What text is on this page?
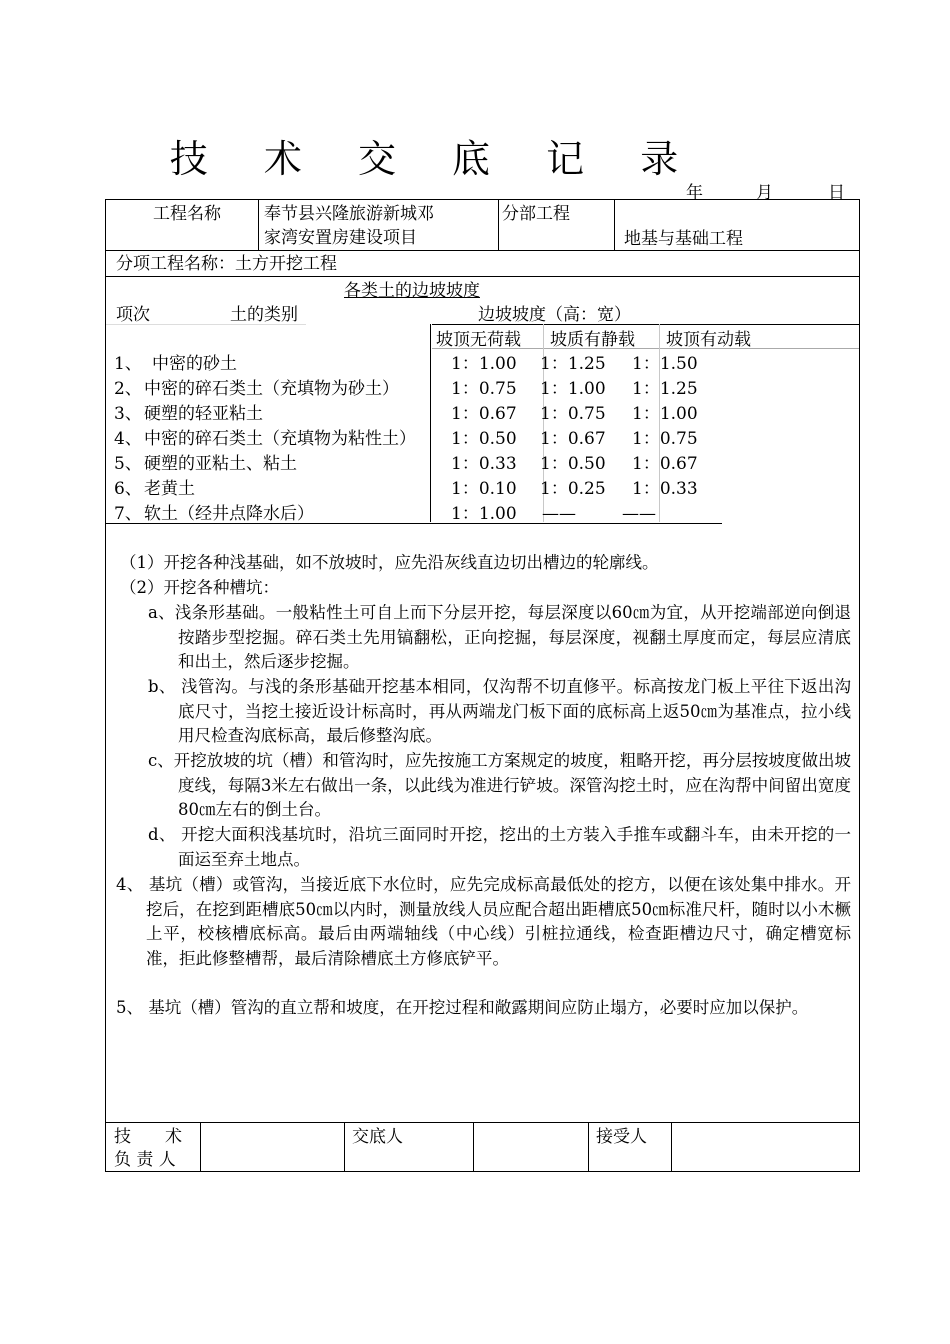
技 术 交 底 记 录
年	月	日
工程名称	奉节县兴隆旅游新城邓
家湾安置房建设项目
分部工程
地基与基础工程
分项工程名称：土方开挖工程
各类土的边坡坡度
项次	土的类别	边坡坡度（高：宽）
坡顶无荷载 坡质有静载 坡顶有动载
1、 中密的砂土	1：1.00 1：1.25 1：1.50
2、 中密的碎石类土（充填物为砂土）	1：0.75 1：1.00 1：1.25
3、 硬塑的轻亚粘土	1：0.67 1：0.75 1：1.00
4、 中密的碎石类土（充填物为粘性土） 1：0.50 1：0.67 1：0.75
5、 硬塑的亚粘土、粘土	1：0.33 1：0.50 1：0.67
6、 老黄土	1：0.10 1：0.25 1：0.33
7、 软土（经井点降水后）	1：1.00 ——	——
（1）开挖各种浅基础，如不放坡时，应先沿灰线直边切出槽边的轮廓线。
（2）开挖各种槽坑：
a、浅条形基础。一般粘性土可自上而下分层开挖，每层深度以60㎝为宜，从开挖端部逆向倒退按踏步型挖掘。碎石类土先用镐翻松，正向挖掘，每层深度，视翻土厚度而定，每层应清底和出土，然后逐步挖掘。
b、 浅管沟。与浅的条形基础开挖基本相同，仅沟帮不切直修平。标高按龙门板上平往下返出沟底尺寸，当挖土接近设计标高时，再从两端龙门板下面的底标高上返50㎝为基准点，拉小线用尺检查沟底标高，最后修整沟底。
c、开挖放坡的坑（槽）和管沟时，应先按施工方案规定的坡度，粗略开挖，再分层按坡度做出坡度线，每隔3米左右做出一条，以此线为准进行铲坡。深管沟挖土时，应在沟帮中间留出宽度80㎝左右的倒土台。
d、 开挖大面积浅基坑时，沿坑三面同时开挖，挖出的土方装入手推车或翻斗车，由未开挖的一面运至弃土地点。
4、 基坑（槽）或管沟，当接近底下水位时，应先完成标高最低处的挖方，以便在该处集中排水。开挖后，在挖到距槽底50㎝以内时，测量放线人员应配合超出距槽底50㎝标准尺杆，随时以小木橛上平，校核槽底标高。最后由两端轴线（中心线）引桩拉通线，检查距槽边尺寸，确定槽宽标准，拒此修整槽帮，最后清除槽底土方修底铲平。
5、 基坑（槽）管沟的直立帮和坡度，在开挖过程和敞露期间应防止塌方，必要时应加以保护。
技　　术
负 责 人
交底人	接受人
